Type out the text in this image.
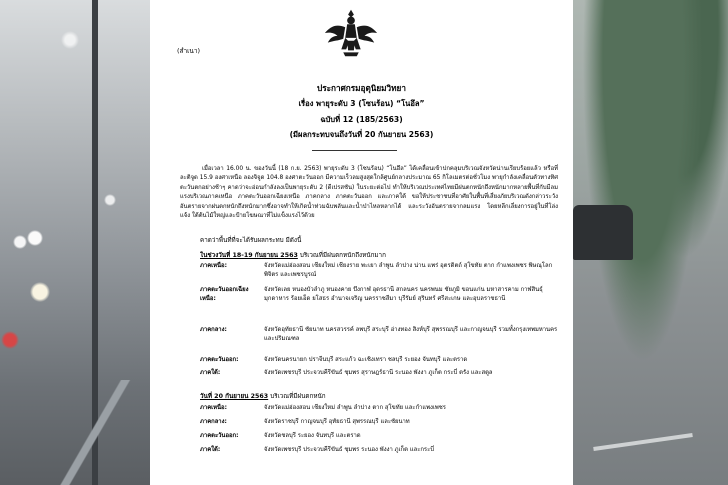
(สำเนา)
ประกาศกรมอุตุนิยมวิทยา
เรื่อง พายุระดับ 3 (โซนร้อน) “โนอึล”
ฉบับที่ 12 (185/2563)
(มีผลกระทบจนถึงวันที่ 20 กันยายน 2563)
เมื่อเวลา 16.00 น. ของวันนี้ (18 ก.ย. 2563) พายุระดับ 3 (โซนร้อน) “โนอึล” ได้เคลื่อนเข้าปกคลุมบริเวณจังหวัดน่านเรียบร้อยแล้ว หรือที่ละติจูด 15.9 องศาเหนือ ลองจิจูด 104.8 องศาตะวันออก มีความเร็วลมสูงสุดใกล้ศูนย์กลางประมาณ 65 กิโลเมตรต่อชั่วโมง พายุกำลังเคลื่อนตัวทางทิศตะวันตกอย่างช้าๆ คาดว่าจะอ่อนกำลังลงเป็นพายุระดับ 2 (ดีเปรสชัน) ในระยะต่อไป ทำให้บริเวณประเทศไทยมีฝนตกหนักถึงหนักมากหลายพื้นที่กับมีลมแรงบริเวณภาคเหนือ ภาคตะวันออกเฉียงเหนือ ภาคกลาง ภาคตะวันออก และภาคใต้ ขอให้ประชาชนที่อาศัยในพื้นที่เสี่ยงภัยบริเวณดังกล่าวระวังอันตรายจากฝนตกหนักถึงหนักมากซึ่งอาจทำให้เกิดน้ำท่วมฉับพลันและน้ำป่าไหลหลากได้ และระวังอันตรายจากลมแรง โดยหลีกเลี่ยงการอยู่ในที่โล่งแจ้ง ใต้ต้นไม้ใหญ่และป้ายโฆษณาที่ไม่แข็งแรงไว้ด้วย
คาดว่าพื้นที่ที่จะได้รับผลกระทบ มีดังนี้
ในช่วงวันที่ 18-19 กันยายน 2563 บริเวณที่มีฝนตกหนักถึงหนักมาก
ภาคเหนือ:	จังหวัดแม่ฮ่องสอน เชียงใหม่ เชียงราย พะเยา ลำพูน ลำปาง น่าน แพร่ อุตรดิตถ์ สุโขทัย ตาก กำแพงเพชร พิษณุโลก พิจิตร และเพชรบูรณ์
ภาคตะวันออกเฉียงเหนือ:
จังหวัดเลย หนองบัวลำภู หนองคาย บึงกาฬ อุดรธานี สกลนคร นครพนม ชัยภูมิ ขอนแก่น มหาสารคาม กาฬสินธุ์ มุกดาหาร ร้อยเอ็ด ยโสธร อำนาจเจริญ นครราชสีมา บุรีรัมย์ สุรินทร์ ศรีสะเกษ และอุบลราชธานี
ภาคกลาง:	จังหวัดอุทัยธานี ชัยนาท นครสวรรค์ ลพบุรี สระบุรี อ่างทอง สิงห์บุรี สุพรรณบุรี และกาญจนบุรี รวมทั้งกรุงเทพมหานครและปริมณฑล
ภาคตะวันออก:	จังหวัดนครนายก ปราจีนบุรี สระแก้ว ฉะเชิงเทรา ชลบุรี ระยอง จันทบุรี และตราด
ภาคใต้:	จังหวัดเพชรบุรี ประจวบคีรีขันธ์ ชุมพร สุราษฎร์ธานี ระนอง พังงา ภูเก็ต กระบี่ ตรัง และสตูล
วันที่ 20 กันยายน 2563 บริเวณที่มีฝนตกหนัก
ภาคเหนือ:	จังหวัดแม่ฮ่องสอน เชียงใหม่ ลำพูน ลำปาง ตาก สุโขทัย และกำแพงเพชร
ภาคกลาง:	จังหวัดราชบุรี กาญจนบุรี อุทัยธานี สุพรรณบุรี และชัยนาท
ภาคตะวันออก:	จังหวัดชลบุรี ระยอง จันทบุรี และตราด
ภาคใต้:	จังหวัดเพชรบุรี ประจวบคีรีขันธ์ ชุมพร ระนอง พังงา ภูเก็ต และกระบี่
